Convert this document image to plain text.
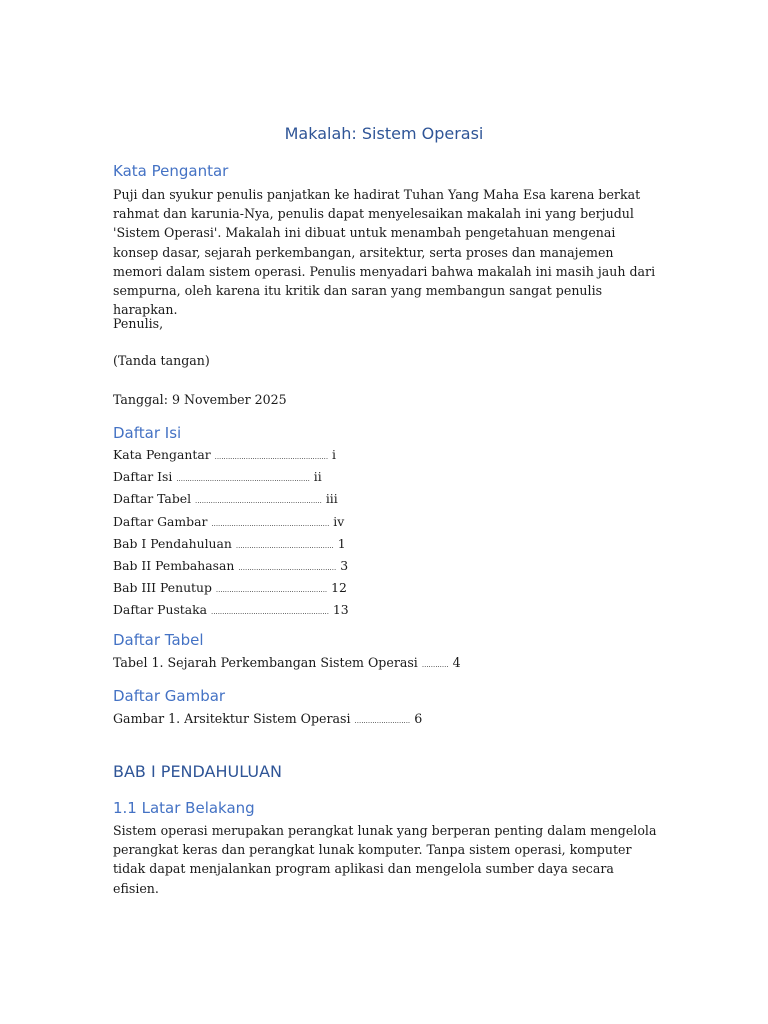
Makalah: Sistem Operasi
Kata Pengantar

Puji dan syukur penulis panjatkan ke hadirat Tuhan Yang Maha Esa karena berkat rahmat dan karunia-Nya, penulis dapat menyelesaikan makalah ini yang berjudul 'Sistem Operasi'. Makalah ini dibuat untuk menambah pengetahuan mengenai konsep dasar, sejarah perkembangan, arsitektur, serta proses dan manajemen memori dalam sistem operasi. Penulis menyadari bahwa makalah ini masih jauh dari sempurna, oleh karena itu kritik dan saran yang membangun sangat penulis harapkan.

Penulis,

(Tanda tangan)

Tanggal: 9 November 2025

Daftar Isi
Kata Pengantar ................................................... i
Daftar Isi ............................................................ ii
Daftar Tabel ......................................................... iii
Daftar Gambar ..................................................... iv
Bab I Pendahuluan ............................................ 1
Bab II Pembahasan ............................................ 3
Bab III Penutup .................................................. 12
Daftar Pustaka ..................................................... 13
Daftar Tabel

Tabel 1. Sejarah Perkembangan Sistem Operasi ............ 4

Daftar Gambar

Gambar 1. Arsitektur Sistem Operasi ......................... 6

BAB I PENDAHULUAN
1.1 Latar Belakang

Sistem operasi merupakan perangkat lunak yang berperan penting dalam mengelola perangkat keras dan perangkat lunak komputer. Tanpa sistem operasi, komputer tidak dapat menjalankan program aplikasi dan mengelola sumber daya secara efisien.
